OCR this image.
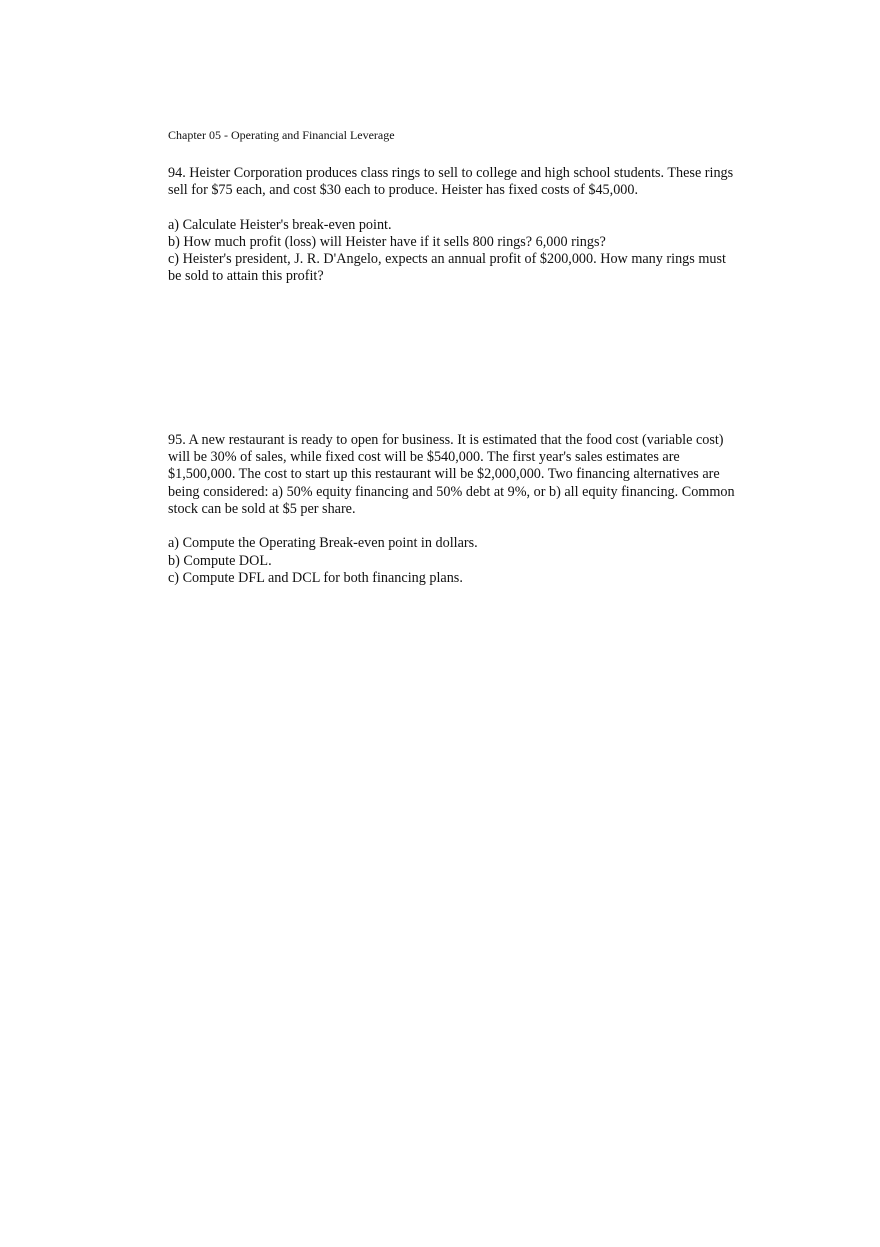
Chapter 05 - Operating and Financial Leverage

94. Heister Corporation produces class rings to sell to college and high school students. These rings sell for $75 each, and cost $30 each to produce. Heister has fixed costs of $45,000.

a) Calculate Heister's break-even point.

b) How much profit (loss) will Heister have if it sells 800 rings? 6,000 rings?

c) Heister's president, J. R. D'Angelo, expects an annual profit of $200,000. How many rings must be sold to attain this profit?

95. A new restaurant is ready to open for business. It is estimated that the food cost (variable cost) will be 30% of sales, while fixed cost will be $540,000. The first year's sales estimates are $1,500,000. The cost to start up this restaurant will be $2,000,000. Two financing alternatives are being considered: a) 50% equity financing and 50% debt at 9%, or b) all equity financing. Common stock can be sold at $5 per share.

a) Compute the Operating Break-even point in dollars.

b) Compute DOL.

c) Compute DFL and DCL for both financing plans.
